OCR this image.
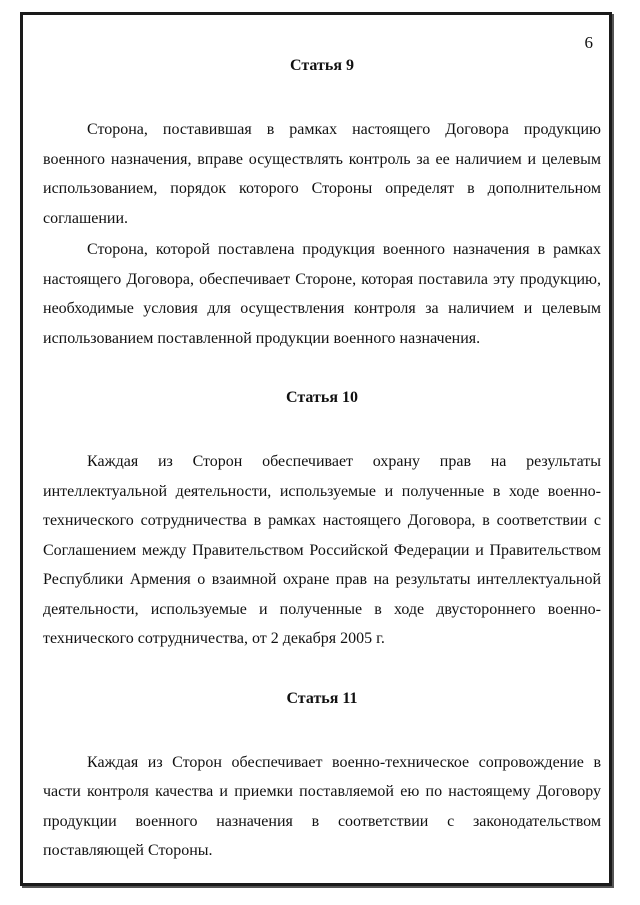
6
Статья 9

Сторона, поставившая в рамках настоящего Договора продукцию военного назначения, вправе осуществлять контроль за ее наличием и целевым использованием, порядок которого Стороны определят в дополнительном соглашении.

Сторона, которой поставлена продукция военного назначения в рамках настоящего Договора, обеспечивает Стороне, которая поставила эту продукцию, необходимые условия для осуществления контроля за наличием и целевым использованием поставленной продукции военного назначения.

Статья 10

Каждая из Сторон обеспечивает охрану прав на результаты интеллектуальной деятельности, используемые и полученные в ходе военно-технического сотрудничества в рамках настоящего Договора, в соответствии с Соглашением между Правительством Российской Федерации и Правительством Республики Армения о взаимной охране прав на результаты интеллектуальной деятельности, используемые и полученные в ходе двустороннего военно-технического сотрудничества, от 2 декабря 2005 г.

Статья 11

Каждая из Сторон обеспечивает военно-техническое сопровождение в части контроля качества и приемки поставляемой ею по настоящему Договору продукции военного назначения в соответствии с законодательством поставляющей Стороны.
